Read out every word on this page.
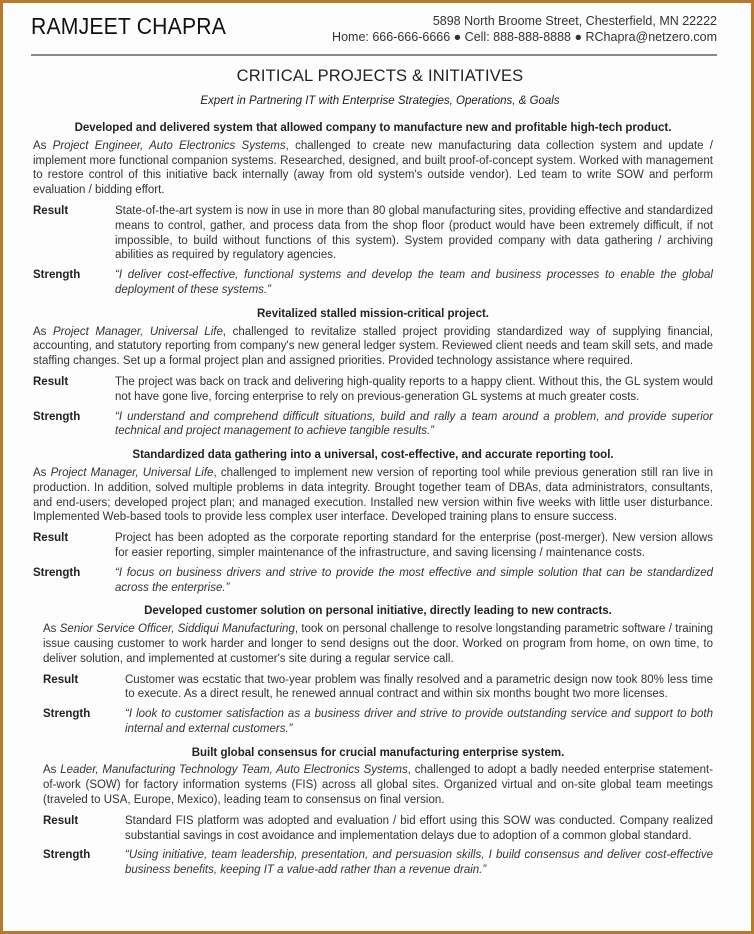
RAMJEET CHAPRA	5898 North Broome Street, Chesterfield, MN 22222
Home: 666-666-6666 ● Cell: 888-888-8888 ● RChapra@netzero.com
CRITICAL PROJECTS & INITIATIVES
Expert in Partnering IT with Enterprise Strategies, Operations, & Goals
Developed and delivered system that allowed company to manufacture new and profitable high-tech product.
As Project Engineer, Auto Electronics Systems, challenged to create new manufacturing data collection system and update / implement more functional companion systems. Researched, designed, and built proof-of-concept system. Worked with management to restore control of this initiative back internally (away from old system's outside vendor). Led team to write SOW and perform evaluation / bidding effort.
Result	State-of-the-art system is now in use in more than 80 global manufacturing sites, providing effective and standardized means to control, gather, and process data from the shop floor (product would have been extremely difficult, if not impossible, to build without functions of this system). System provided company with data gathering / archiving abilities as required by regulatory agencies.
Strength	“I deliver cost-effective, functional systems and develop the team and business processes to enable the global deployment of these systems.”
Revitalized stalled mission-critical project.
As Project Manager, Universal Life, challenged to revitalize stalled project providing standardized way of supplying financial, accounting, and statutory reporting from company's new general ledger system. Reviewed client needs and team skill sets, and made staffing changes. Set up a formal project plan and assigned priorities. Provided technology assistance where required.
Result	The project was back on track and delivering high-quality reports to a happy client. Without this, the GL system would not have gone live, forcing enterprise to rely on previous-generation GL systems at much greater costs.
Strength	“I understand and comprehend difficult situations, build and rally a team around a problem, and provide superior technical and project management to achieve tangible results.”
Standardized data gathering into a universal, cost-effective, and accurate reporting tool.
As Project Manager, Universal Life, challenged to implement new version of reporting tool while previous generation still ran live in production. In addition, solved multiple problems in data integrity. Brought together team of DBAs, data administrators, consultants, and end-users; developed project plan; and managed execution. Installed new version within five weeks with little user disturbance. Implemented Web-based tools to provide less complex user interface. Developed training plans to ensure success.
Result	Project has been adopted as the corporate reporting standard for the enterprise (post-merger). New version allows for easier reporting, simpler maintenance of the infrastructure, and saving licensing / maintenance costs.
Strength	“I focus on business drivers and strive to provide the most effective and simple solution that can be standardized across the enterprise.”
Developed customer solution on personal initiative, directly leading to new contracts.
As Senior Service Officer, Siddiqui Manufacturing, took on personal challenge to resolve longstanding parametric software / training issue causing customer to work harder and longer to send designs out the door. Worked on program from home, on own time, to deliver solution, and implemented at customer's site during a regular service call.
Result	Customer was ecstatic that two-year problem was finally resolved and a parametric design now took 80% less time to execute. As a direct result, he renewed annual contract and within six months bought two more licenses.
Strength	“I look to customer satisfaction as a business driver and strive to provide outstanding service and support to both internal and external customers.”
Built global consensus for crucial manufacturing enterprise system.
As Leader, Manufacturing Technology Team, Auto Electronics Systems, challenged to adopt a badly needed enterprise statement-of-work (SOW) for factory information systems (FIS) across all global sites. Organized virtual and on-site global team meetings (traveled to USA, Europe, Mexico), leading team to consensus on final version.
Result	Standard FIS platform was adopted and evaluation / bid effort using this SOW was conducted. Company realized substantial savings in cost avoidance and implementation delays due to adoption of a common global standard.
Strength	“Using initiative, team leadership, presentation, and persuasion skills, I build consensus and deliver cost-effective business benefits, keeping IT a value-add rather than a revenue drain.”
